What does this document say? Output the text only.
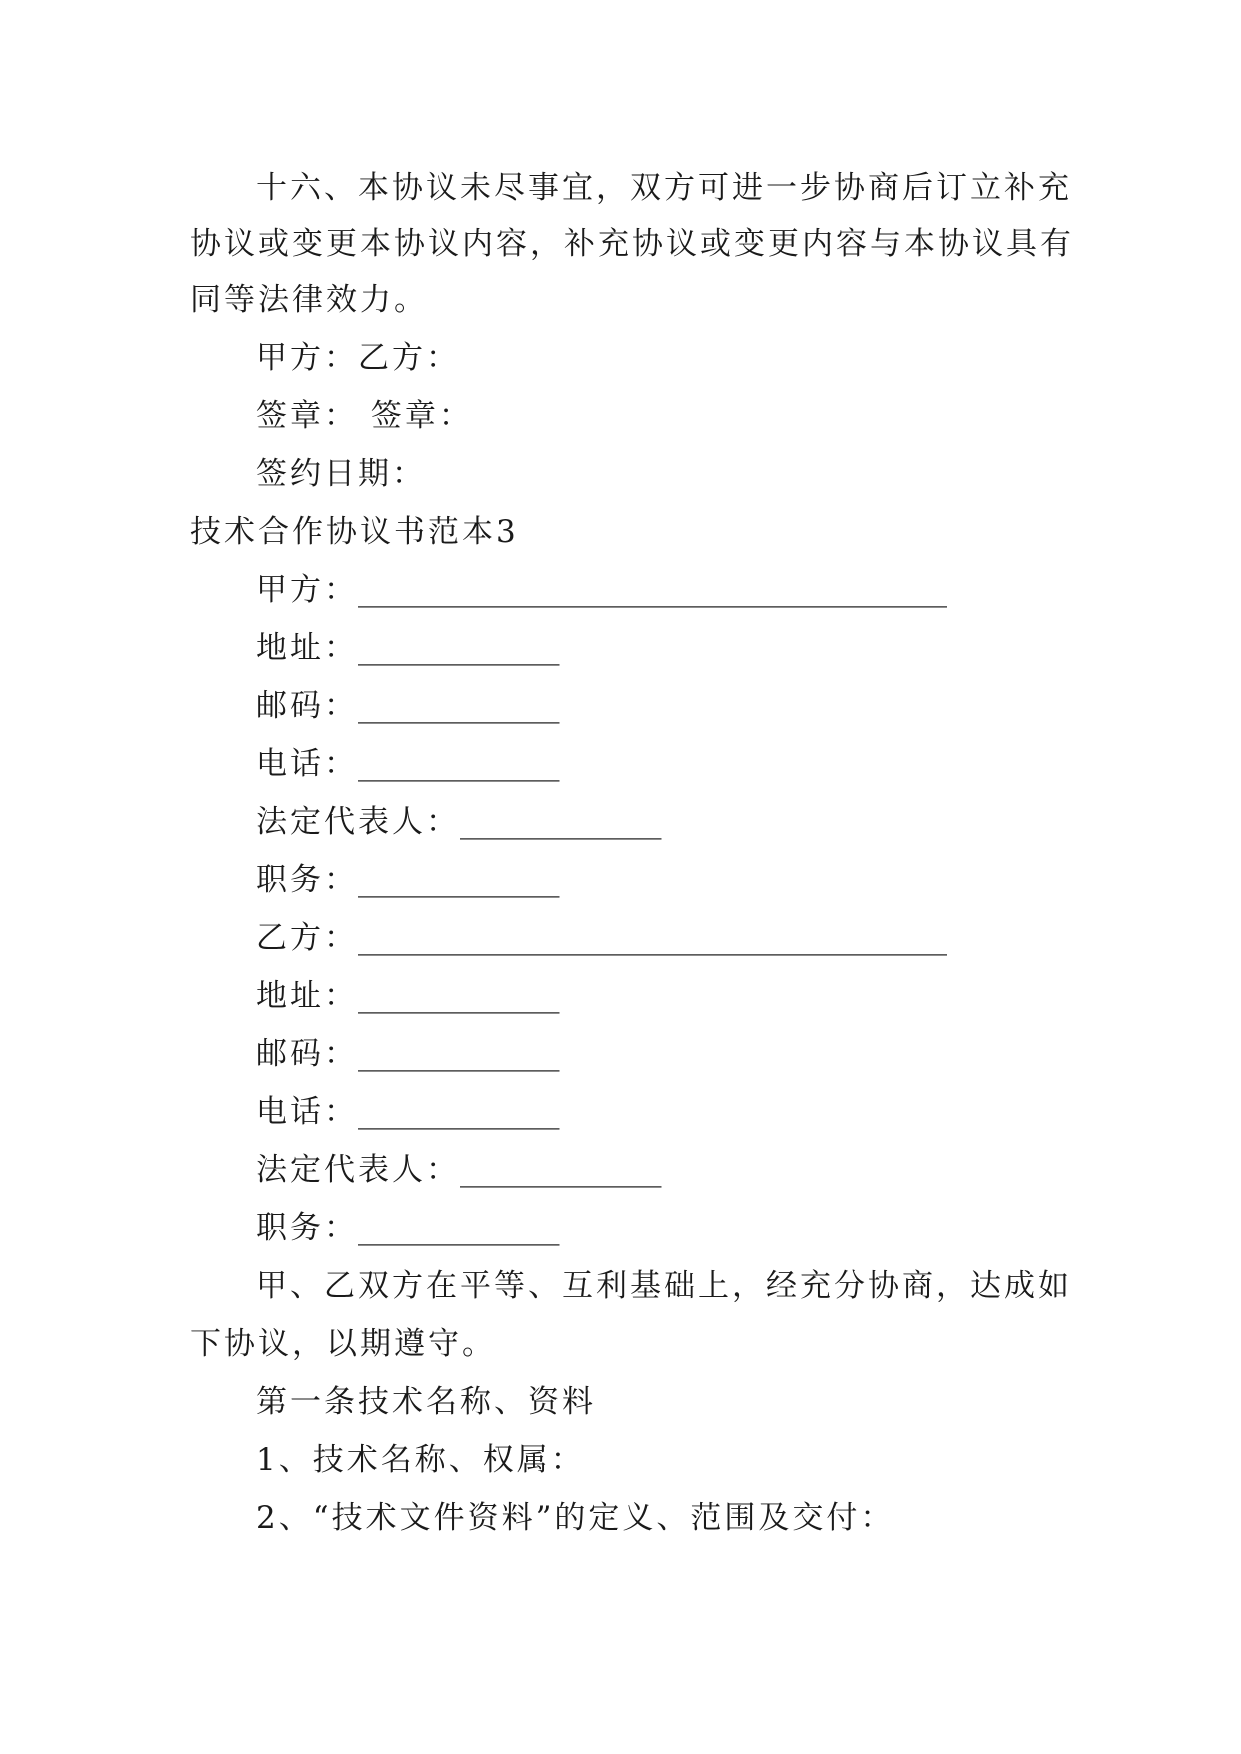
十六、本协议未尽事宜，双方可进一步协商后订立补充
协议或变更本协议内容，补充协议或变更内容与本协议具有
同等法律效力。
甲方：乙方：
签章： 签章：
签约日期：
技术合作协议书范本3
甲方：______________________________________
地址：_____________
邮码：_____________
电话：_____________
法定代表人：_____________
职务：_____________
乙方：______________________________________
地址：_____________
邮码：_____________
电话：_____________
法定代表人：_____________
职务：_____________
甲、乙双方在平等、互利基础上，经充分协商，达成如
下协议，以期遵守。
第一条技术名称、资料
1、技术名称、权属：
2、“技术文件资料”的定义、范围及交付：
